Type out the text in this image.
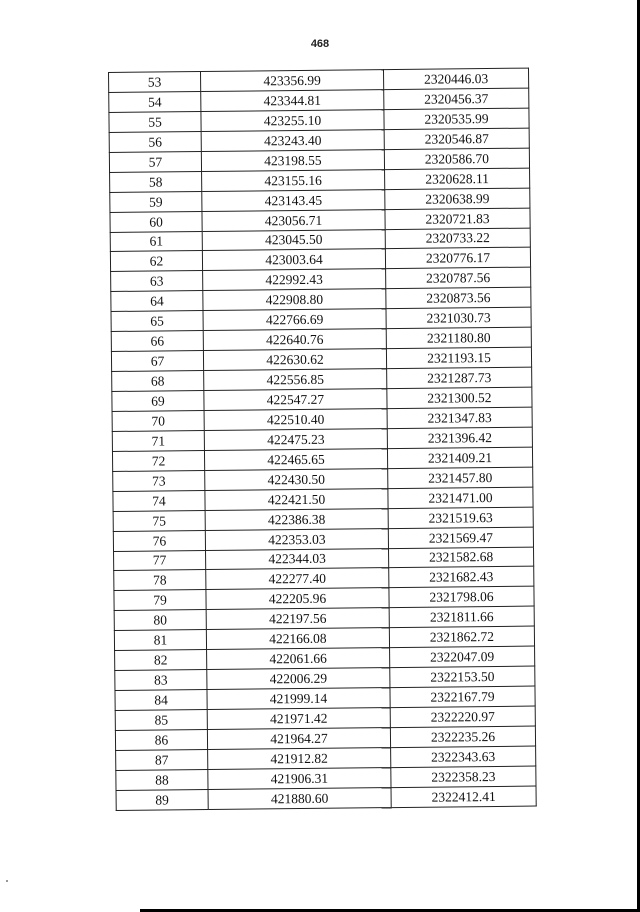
468
53	423356.99	2320446.03
54	423344.81	2320456.37
55	423255.10	2320535.99
56	423243.40	2320546.87
57	423198.55	2320586.70
58	423155.16	2320628.11
59	423143.45	2320638.99
60	423056.71	2320721.83
61	423045.50	2320733.22
62	423003.64	2320776.17
63	422992.43	2320787.56
64	422908.80	2320873.56
65	422766.69	2321030.73
66	422640.76	2321180.80
67	422630.62	2321193.15
68	422556.85	2321287.73
69	422547.27	2321300.52
70	422510.40	2321347.83
71	422475.23	2321396.42
72	422465.65	2321409.21
73	422430.50	2321457.80
74	422421.50	2321471.00
75	422386.38	2321519.63
76	422353.03	2321569.47
77	422344.03	2321582.68
78	422277.40	2321682.43
79	422205.96	2321798.06
80	422197.56	2321811.66
81	422166.08	2321862.72
82	422061.66	2322047.09
83	422006.29	2322153.50
84	421999.14	2322167.79
85	421971.42	2322220.97
86	421964.27	2322235.26
87	421912.82	2322343.63
88	421906.31	2322358.23
89	421880.60	2322412.41
